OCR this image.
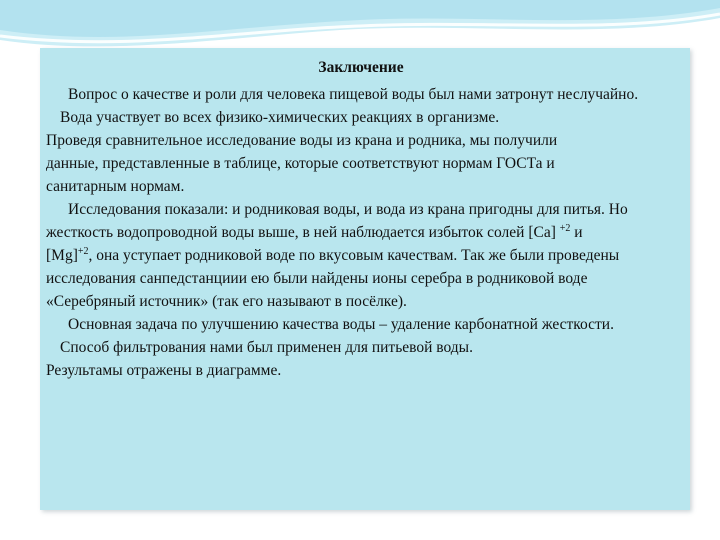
Заключение

Вопрос о качестве и роли для человека пищевой воды был нами затронут неслучайно.

Вода участвует во всех физико-химических реакциях в организме.

Проведя сравнительное исследование воды из крана и родника, мы получили

данные, представленные в таблице, которые соответствуют нормам ГОСТа и

санитарным нормам.

Исследования показали: и родниковая воды, и вода из крана пригодны для питья. Но

жесткость водопроводной воды выше, в ней наблюдается избыток солей [Ca] $^{+2}$ и

$[Mg]^{+2}$, она уступает родниковой воде по вкусовым качествам. Так же были проведены

исследования санпедстанциии ею были найдены ионы серебра в родниковой воде

«Серебряный источник» (так его называют в посёлке).

Основная задача по улучшению качества воды – удаление карбонатной жесткости.

Способ фильтрования нами был применен для питьевой воды.

Результамы отражены в диаграмме.
